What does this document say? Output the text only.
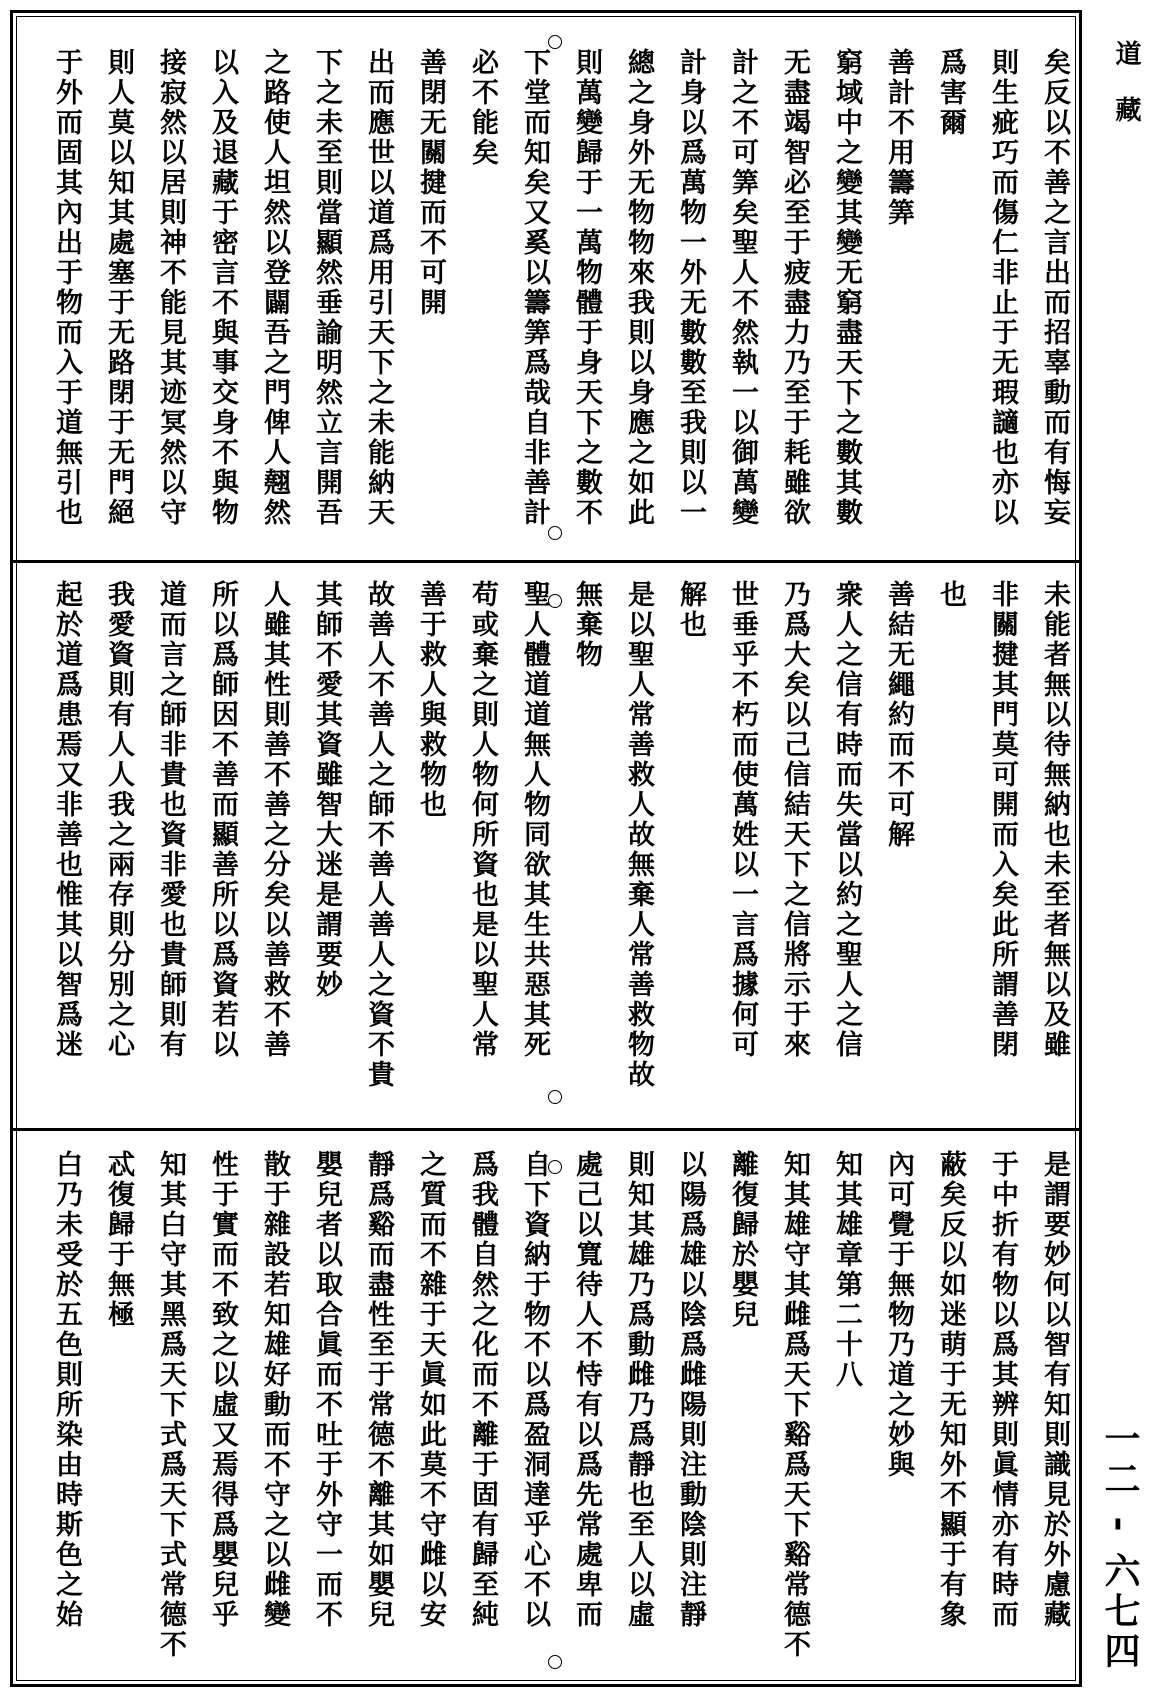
矣反以不善之言出而招辜動而有悔妄
則生疵巧而傷仁非止于无瑕讁也亦以
爲害爾
善計不用籌筭
窮域中之變其變无窮盡天下之數其數
无盡竭智必至于疲盡力乃至于耗雖欲
計之不可筭矣聖人不然執一以御萬變
計身以爲萬物一外无數數至我則以一
總之身外无物物來我則以身應之如此
則萬變歸于一萬物體于身天下之數不
下堂而知矣又奚以籌筭爲哉自非善計
必不能矣
善閉无關揵而不可開
出而應世以道爲用引天下之未能納天
下之未至則當顯然垂諭明然立言開吾
之路使人坦然以登闢吾之門俾人翹然
以入及退藏于密言不與事交身不與物
接寂然以居則神不能見其迹冥然以守
則人莫以知其處塞于无路閉于无門絕
于外而固其內出于物而入于道無引也
未能者無以待無納也未至者無以及雖
非關揵其門莫可開而入矣此所謂善閉
也
善結无繩約而不可解
衆人之信有時而失當以約之聖人之信
乃爲大矣以己信結天下之信將示于來
世垂乎不朽而使萬姓以一言爲據何可
解也
是以聖人常善救人故無棄人常善救物故
無棄物
聖人體道道無人物同欲其生共惡其死
苟或棄之則人物何所資也是以聖人常
善于救人與救物也
故善人不善人之師不善人善人之資不貴
其師不愛其資雖智大迷是謂要妙
人雖其性則善不善之分矣以善救不善
所以爲師因不善而顯善所以爲資若以
道而言之師非貴也資非愛也貴師則有
我愛資則有人人我之兩存則分別之心
起於道爲患焉又非善也惟其以智爲迷
是謂要妙何以智有知則識見於外慮藏
于中折有物以爲其辨則眞情亦有時而
蔽矣反以如迷萌于无知外不顯于有象
內可覺于無物乃道之妙與
知其雄章第二十八
知其雄守其雌爲天下谿爲天下谿常德不
離復歸於嬰兒
以陽爲雄以陰爲雌陽則注動陰則注靜
則知其雄乃爲動雌乃爲靜也至人以虛
處己以寬待人不恃有以爲先常處卑而
自下資納于物不以爲盈洞達乎心不以
爲我體自然之化而不離于固有歸至純
之質而不雜于天眞如此莫不守雌以安
靜爲谿而盡性至于常德不離其如嬰兒
嬰兒者以取合眞而不吐于外守一而不
散于雜設若知雄好動而不守之以雌變
性于實而不致之以虛又焉得爲嬰兒乎
知其白守其黑爲天下式爲天下式常德不
忒復歸于無極
白乃未受於五色則所染由時斯色之始
道藏
一二 - 六七四
